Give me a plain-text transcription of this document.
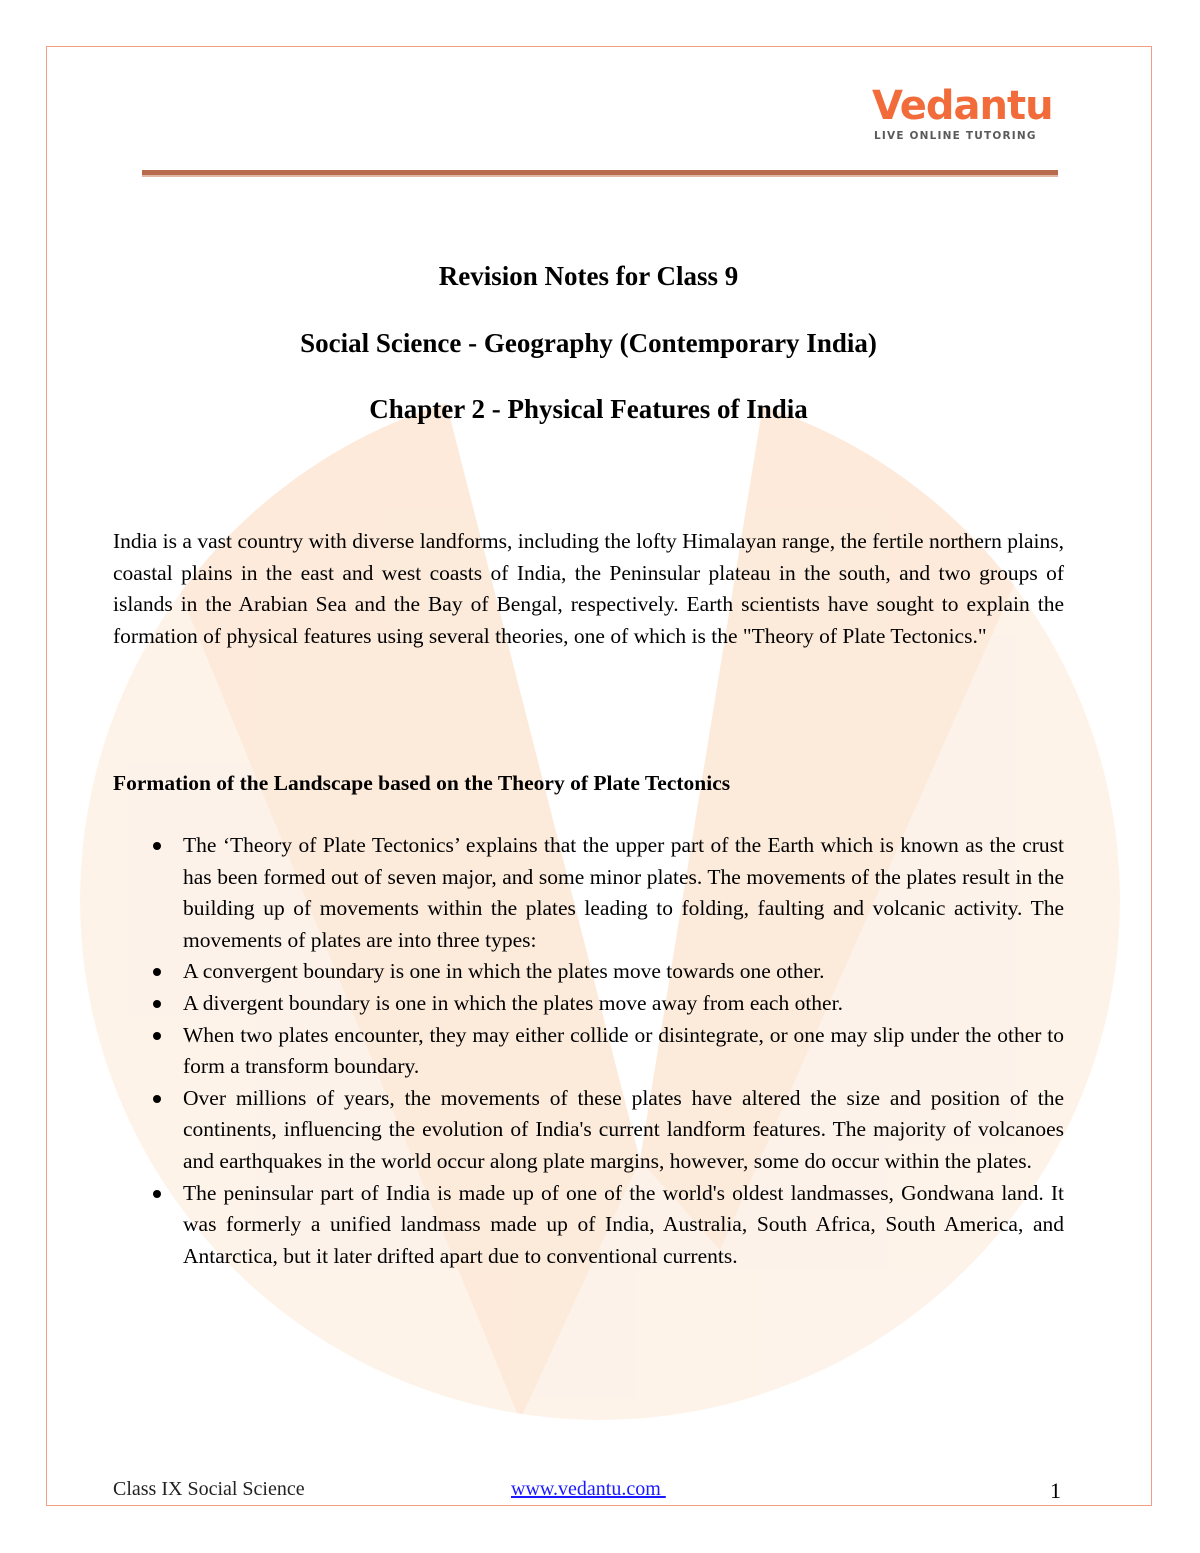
Vedantu
LIVE ONLINE TUTORING
Revision Notes for Class 9
Social Science - Geography (Contemporary India)
Chapter 2 - Physical Features of India

India is a vast country with diverse landforms, including the lofty Himalayan range, the fertile northern plains, coastal plains in the east and west coasts of India, the Peninsular plateau in the south, and two groups of islands in the Arabian Sea and the Bay of Bengal, respectively. Earth scientists have sought to explain the formation of physical features using several theories, one of which is the "Theory of Plate Tectonics."

Formation of the Landscape based on the Theory of Plate Tectonics
The ‘Theory of Plate Tectonics’ explains that the upper part of the Earth which is known as the crust has been formed out of seven major, and some minor plates. The movements of the plates result in the building up of movements within the plates leading to folding, faulting and volcanic activity. The movements of plates are into three types:
A convergent boundary is one in which the plates move towards one other.
A divergent boundary is one in which the plates move away from each other.
When two plates encounter, they may either collide or disintegrate, or one may slip under the other to form a transform boundary.
Over millions of years, the movements of these plates have altered the size and position of the continents, influencing the evolution of India's current landform features. The majority of volcanoes and earthquakes in the world occur along plate margins, however, some do occur within the plates.
The peninsular part of India is made up of one of the world's oldest landmasses, Gondwana land. It was formerly a unified landmass made up of India, Australia, South Africa, South America, and Antarctica, but it later drifted apart due to conventional currents.
Class IX Social Science	www.vedantu.com	1
